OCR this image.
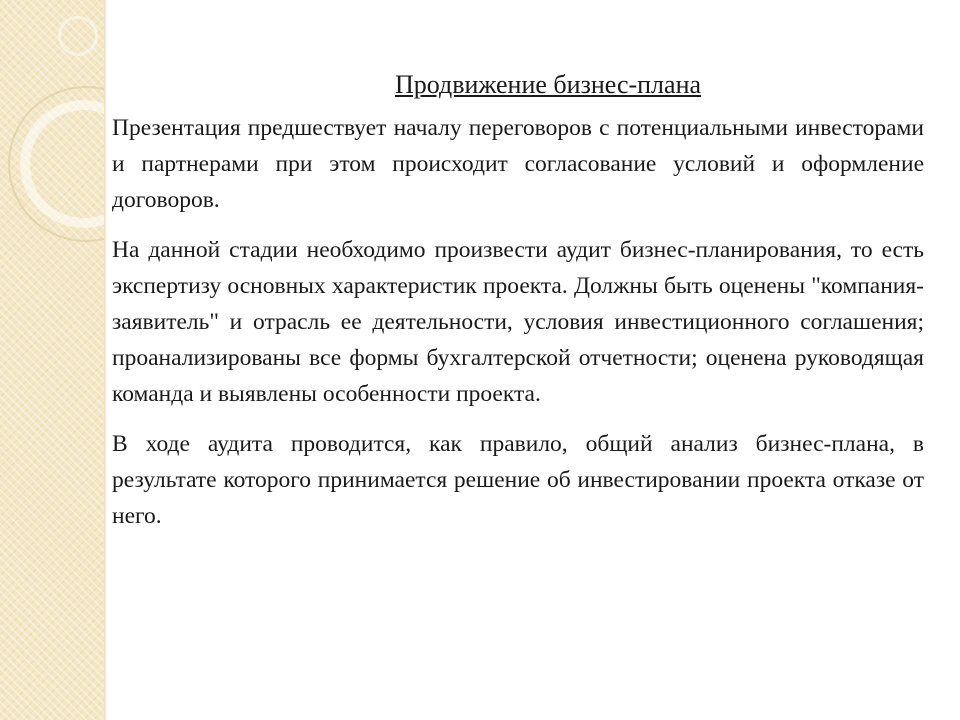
Продвижение бизнес-плана

Презентация предшествует началу переговоров с потенциальными инвесторами и партнерами при этом происходит согласование условий и оформление договоров.

На данной стадии необходимо произвести аудит бизнес-планирования, то есть экспертизу основных характеристик проекта. Должны быть оценены "компания-заявитель" и отрасль ее деятельности, условия инвестиционного соглашения; проанализированы все формы бухгалтерской отчетности; оценена руководящая команда и выявлены особенности проекта.

В ходе аудита проводится, как правило, общий анализ бизнес-плана, в результате которого принимается решение об инвестировании проекта отказе от него.
